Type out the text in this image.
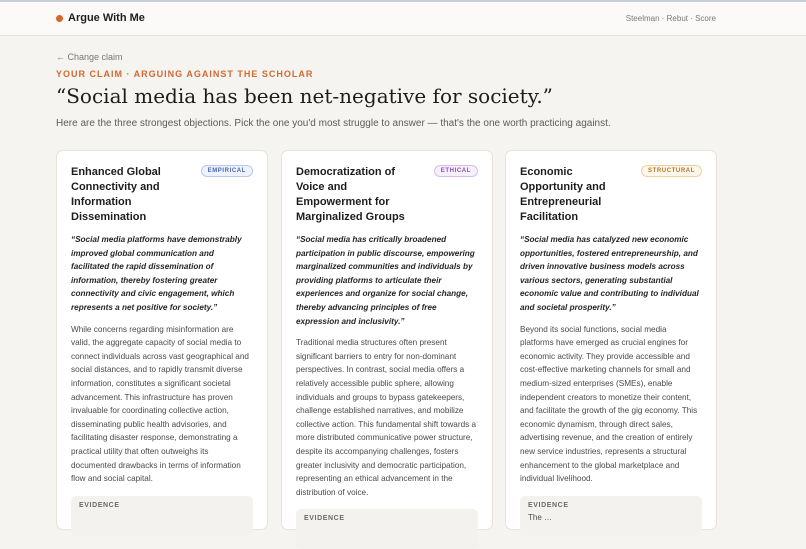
Argue With Me	Steelman · Rebut · Score
← Change claim
YOUR CLAIM · ARGUING AGAINST THE SCHOLAR
“Social media has been net-negative for society.”
Here are the three strongest objections. Pick the one you'd most struggle to answer — that's the one worth practicing against.
Enhanced Global Connectivity and Information Dissemination
EMPIRICAL
“Social media platforms have demonstrably improved global communication and facilitated the rapid dissemination of information, thereby fostering greater connectivity and civic engagement, which represents a net positive for society.”
While concerns regarding misinformation are valid, the aggregate capacity of social media to connect individuals across vast geographical and social distances, and to rapidly transmit diverse information, constitutes a significant societal advancement. This infrastructure has proven invaluable for coordinating collective action, disseminating public health advisories, and facilitating disaster response, demonstrating a practical utility that often outweighs its documented drawbacks in terms of information flow and social capital.
EVIDENCE
Democratization of Voice and Empowerment for Marginalized Groups
ETHICAL
“Social media has critically broadened participation in public discourse, empowering marginalized communities and individuals by providing platforms to articulate their experiences and organize for social change, thereby advancing principles of free expression and inclusivity.”
Traditional media structures often present significant barriers to entry for non-dominant perspectives. In contrast, social media offers a relatively accessible public sphere, allowing individuals and groups to bypass gatekeepers, challenge established narratives, and mobilize collective action. This fundamental shift towards a more distributed communicative power structure, despite its accompanying challenges, fosters greater inclusivity and democratic participation, representing an ethical advancement in the distribution of voice.
EVIDENCE
Economic Opportunity and Entrepreneurial Facilitation
STRUCTURAL
“Social media has catalyzed new economic opportunities, fostered entrepreneurship, and driven innovative business models across various sectors, generating substantial economic value and contributing to individual and societal prosperity.”
Beyond its social functions, social media platforms have emerged as crucial engines for economic activity. They provide accessible and cost-effective marketing channels for small and medium-sized enterprises (SMEs), enable independent creators to monetize their content, and facilitate the growth of the gig economy. This economic dynamism, through direct sales, advertising revenue, and the creation of entirely new service industries, represents a structural enhancement to the global marketplace and individual livelihood.
EVIDENCE
The …
